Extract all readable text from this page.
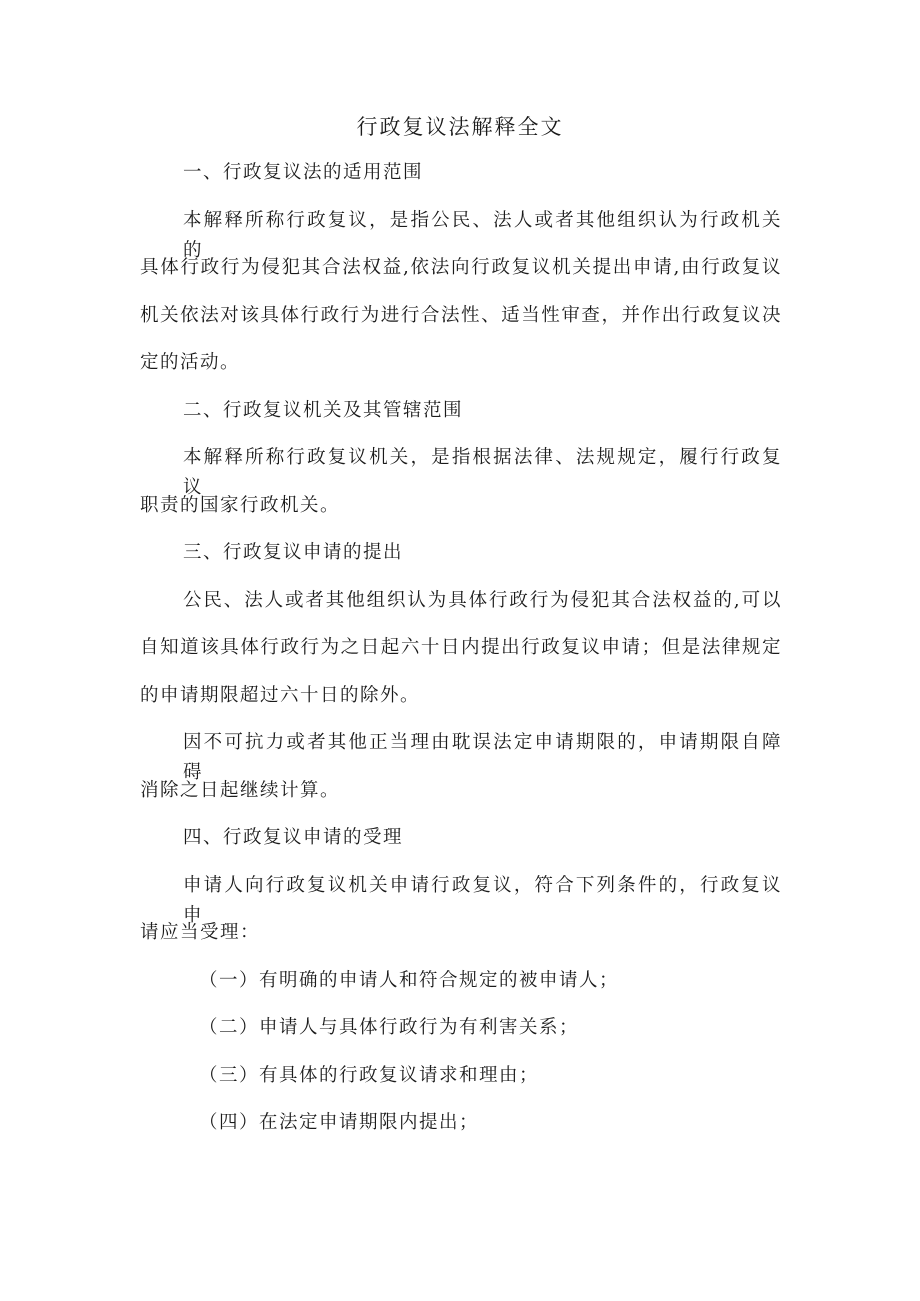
行政复议法解释全文
一、行政复议法的适用范围
本解释所称行政复议，是指公民、法人或者其他组织认为行政机关的
具体行政行为侵犯其合法权益,依法向行政复议机关提出申请,由行政复议
机关依法对该具体行政行为进行合法性、适当性审查，并作出行政复议决
定的活动。
二、行政复议机关及其管辖范围
本解释所称行政复议机关，是指根据法律、法规规定，履行行政复议
职责的国家行政机关。
三、行政复议申请的提出
公民、法人或者其他组织认为具体行政行为侵犯其合法权益的,可以
自知道该具体行政行为之日起六十日内提出行政复议申请；但是法律规定
的申请期限超过六十日的除外。
因不可抗力或者其他正当理由耽误法定申请期限的，申请期限自障碍
消除之日起继续计算。
四、行政复议申请的受理
申请人向行政复议机关申请行政复议，符合下列条件的，行政复议申
请应当受理：
（一）有明确的申请人和符合规定的被申请人；
（二）申请人与具体行政行为有利害关系；
（三）有具体的行政复议请求和理由；
（四）在法定申请期限内提出；
